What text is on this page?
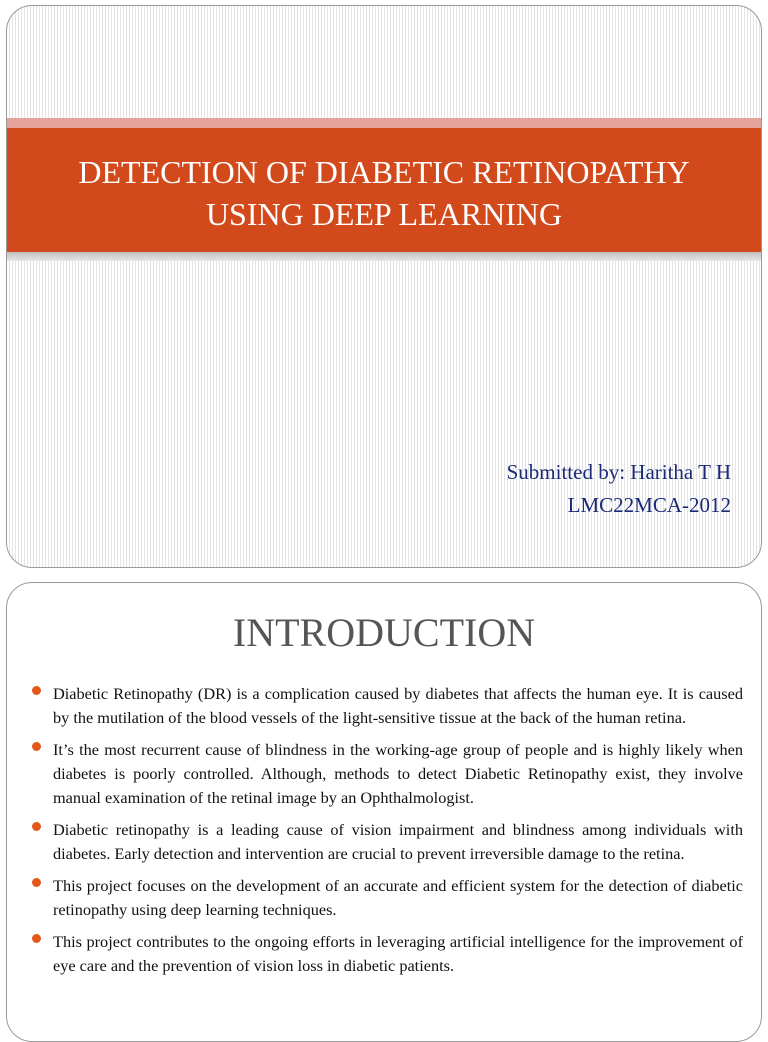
DETECTION OF DIABETIC RETINOPATHY
USING DEEP LEARNING
Submitted by: Haritha T H
LMC22MCA-2012
INTRODUCTION
Diabetic Retinopathy (DR) is a complication caused by diabetes that affects the human eye. It is caused by the mutilation of the blood vessels of the light-sensitive tissue at the back of the human retina.
It’s the most recurrent cause of blindness in the working-age group of people and is highly likely when diabetes is poorly controlled. Although, methods to detect Diabetic Retinopathy exist, they involve manual examination of the retinal image by an Ophthalmologist.
Diabetic retinopathy is a leading cause of vision impairment and blindness among individuals with diabetes. Early detection and intervention are crucial to prevent irreversible damage to the retina.
This project focuses on the development of an accurate and efficient system for the detection of diabetic retinopathy using deep learning techniques.
This project contributes to the ongoing efforts in leveraging artificial intelligence for the improvement of eye care and the prevention of vision loss in diabetic patients.
